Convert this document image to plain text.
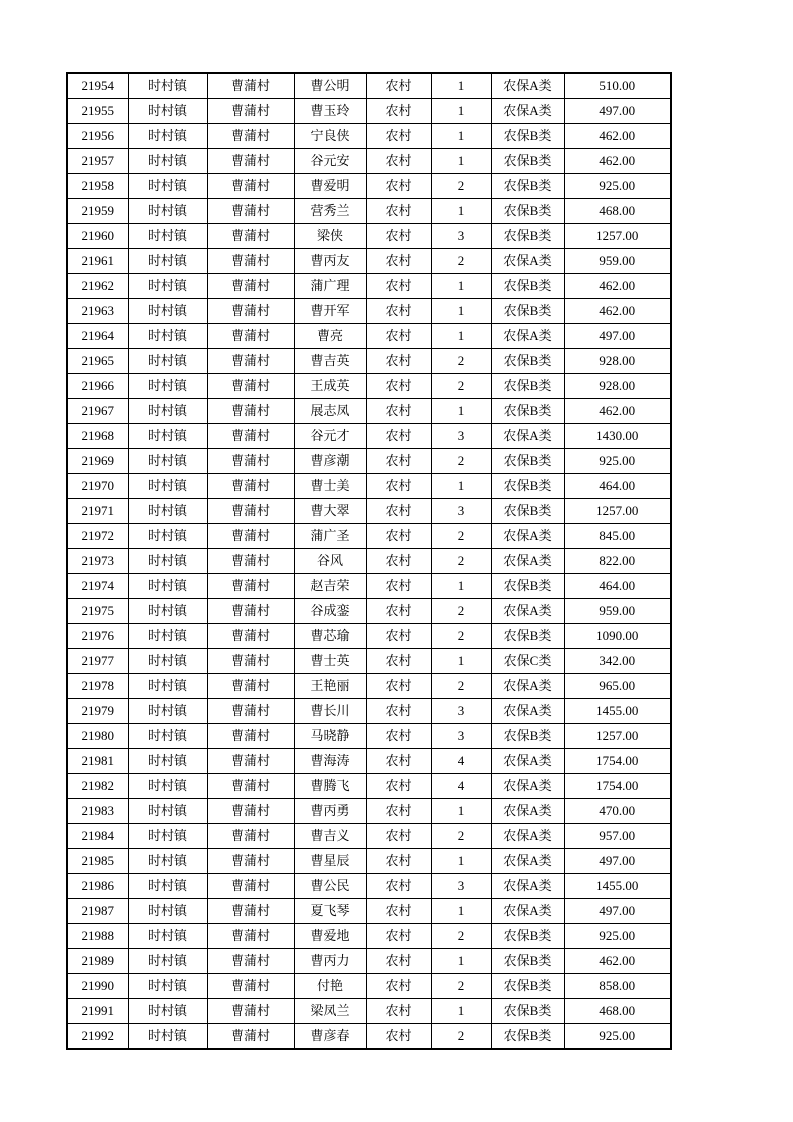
21954	时村镇	曹蒲村	曹公明	农村	1	农保A类	510.00
21955	时村镇	曹蒲村	曹玉玲	农村	1	农保A类	497.00
21956	时村镇	曹蒲村	宁良侠	农村	1	农保B类	462.00
21957	时村镇	曹蒲村	谷元安	农村	1	农保B类	462.00
21958	时村镇	曹蒲村	曹爱明	农村	2	农保B类	925.00
21959	时村镇	曹蒲村	营秀兰	农村	1	农保B类	468.00
21960	时村镇	曹蒲村	梁侠	农村	3	农保B类	1257.00
21961	时村镇	曹蒲村	曹丙友	农村	2	农保A类	959.00
21962	时村镇	曹蒲村	蒲广理	农村	1	农保B类	462.00
21963	时村镇	曹蒲村	曹开军	农村	1	农保B类	462.00
21964	时村镇	曹蒲村	曹亮	农村	1	农保A类	497.00
21965	时村镇	曹蒲村	曹吉英	农村	2	农保B类	928.00
21966	时村镇	曹蒲村	王成英	农村	2	农保B类	928.00
21967	时村镇	曹蒲村	展志凤	农村	1	农保B类	462.00
21968	时村镇	曹蒲村	谷元才	农村	3	农保A类	1430.00
21969	时村镇	曹蒲村	曹彦潮	农村	2	农保B类	925.00
21970	时村镇	曹蒲村	曹士美	农村	1	农保B类	464.00
21971	时村镇	曹蒲村	曹大翠	农村	3	农保B类	1257.00
21972	时村镇	曹蒲村	蒲广圣	农村	2	农保A类	845.00
21973	时村镇	曹蒲村	谷风	农村	2	农保A类	822.00
21974	时村镇	曹蒲村	赵吉荣	农村	1	农保B类	464.00
21975	时村镇	曹蒲村	谷成銮	农村	2	农保A类	959.00
21976	时村镇	曹蒲村	曹芯瑜	农村	2	农保B类	1090.00
21977	时村镇	曹蒲村	曹士英	农村	1	农保C类	342.00
21978	时村镇	曹蒲村	王艳丽	农村	2	农保A类	965.00
21979	时村镇	曹蒲村	曹长川	农村	3	农保A类	1455.00
21980	时村镇	曹蒲村	马晓静	农村	3	农保B类	1257.00
21981	时村镇	曹蒲村	曹海涛	农村	4	农保A类	1754.00
21982	时村镇	曹蒲村	曹腾飞	农村	4	农保A类	1754.00
21983	时村镇	曹蒲村	曹丙勇	农村	1	农保A类	470.00
21984	时村镇	曹蒲村	曹吉义	农村	2	农保A类	957.00
21985	时村镇	曹蒲村	曹星辰	农村	1	农保A类	497.00
21986	时村镇	曹蒲村	曹公民	农村	3	农保A类	1455.00
21987	时村镇	曹蒲村	夏飞琴	农村	1	农保A类	497.00
21988	时村镇	曹蒲村	曹爱地	农村	2	农保B类	925.00
21989	时村镇	曹蒲村	曹丙力	农村	1	农保B类	462.00
21990	时村镇	曹蒲村	付艳	农村	2	农保B类	858.00
21991	时村镇	曹蒲村	梁凤兰	农村	1	农保B类	468.00
21992	时村镇	曹蒲村	曹彦春	农村	2	农保B类	925.00
